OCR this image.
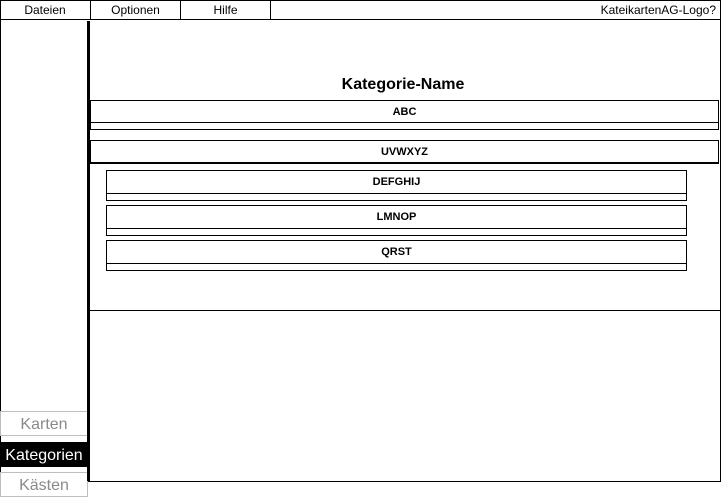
Dateien	Optionen	Hilfe	KateikartenAG-Logo?
Karten
Kategorien
Kästen
Kategorie-Name
ABC
UVWXYZ
DEFGHIJ
LMNOP
QRST
